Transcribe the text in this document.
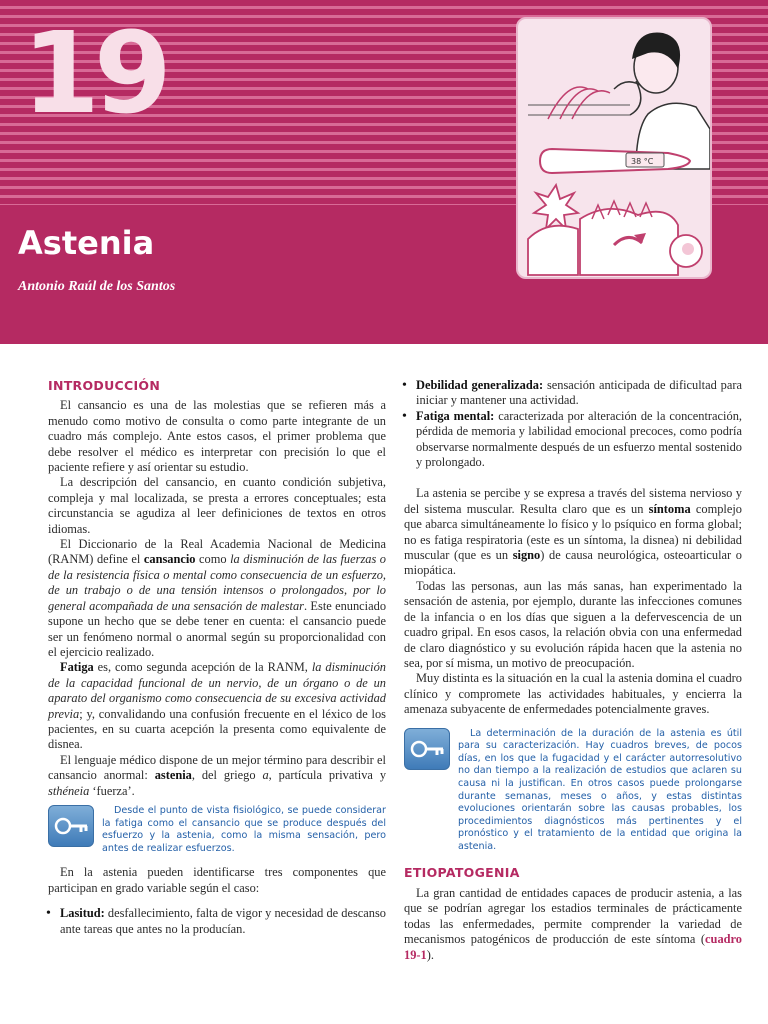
19
38 °C
Astenia
Antonio Raúl de los Santos
INTRODUCCIÓN

El cansancio es una de las molestias que se refieren más a menudo como motivo de consulta o como parte integrante de un cuadro más complejo. Ante estos casos, el primer problema que debe resolver el médico es interpretar con precisión lo que el paciente refiere y así orientar su estudio.

La descripción del cansancio, en cuanto condición subjetiva, compleja y mal localizada, se presta a errores conceptuales; esta circunstancia se agudiza al leer definiciones de textos en otros idiomas.

El Diccionario de la Real Academia Nacional de Medicina (RANM) define el cansancio como la disminución de las fuerzas o de la resistencia física o mental como consecuencia de un esfuerzo, de un trabajo o de una tensión intensos o prolongados, por lo general acompañada de una sensación de malestar. Este enunciado supone un hecho que se debe tener en cuenta: el cansancio puede ser un fenómeno normal o anormal según su proporcionalidad con el ejercicio realizado.

Fatiga es, como segunda acepción de la RANM, la disminución de la capacidad funcional de un nervio, de un órgano o de un aparato del organismo como consecuencia de su excesiva actividad previa; y, convalidando una confusión frecuente en el léxico de los pacientes, en su cuarta acepción la presenta como equivalente de disnea.

El lenguaje médico dispone de un mejor término para describir el cansancio anormal: astenia, del griego a, partícula privativa y sthéneia ‘fuerza’.

Desde el punto de vista fisiológico, se puede considerar la fatiga como el cansancio que se produce después del esfuerzo y la astenia, como la misma sensación, pero antes de realizar esfuerzos.

En la astenia pueden identificarse tres componentes que participan en grado variable según el caso:

• Lasitud: desfallecimiento, falta de vigor y necesidad de descanso ante tareas que antes no la producían.
• Debilidad generalizada: sensación anticipada de dificultad para iniciar y mantener una actividad.
• Fatiga mental: caracterizada por alteración de la concentración, pérdida de memoria y labilidad emocional precoces, como podría observarse normalmente después de un esfuerzo mental sostenido y prolongado.

La astenia se percibe y se expresa a través del sistema nervioso y del sistema muscular. Resulta claro que es un síntoma complejo que abarca simultáneamente lo físico y lo psíquico en forma global; no es fatiga respiratoria (este es un síntoma, la disnea) ni debilidad muscular (que es un signo) de causa neurológica, osteoarticular o miopática.

Todas las personas, aun las más sanas, han experimentado la sensación de astenia, por ejemplo, durante las infecciones comunes de la infancia o en los días que siguen a la defervescencia de un cuadro gripal. En esos casos, la relación obvia con una enfermedad de claro diagnóstico y su evolución rápida hacen que la astenia no sea, por sí misma, un motivo de preocupación.

Muy distinta es la situación en la cual la astenia domina el cuadro clínico y compromete las actividades habituales, y encierra la amenaza subyacente de enfermedades potencialmente graves.

La determinación de la duración de la astenia es útil para su caracterización. Hay cuadros breves, de pocos días, en los que la fugacidad y el carácter autorresolutivo no dan tiempo a la realización de estudios que aclaren su causa ni la justifican. En otros casos puede prolongarse durante semanas, meses o años, y estas distintas evoluciones orientarán sobre las causas probables, los procedimientos diagnósticos más pertinentes y el pronóstico y el tratamiento de la entidad que origina la astenia.

ETIOPATOGENIA

La gran cantidad de entidades capaces de producir astenia, a las que se podrían agregar los estadios terminales de prácticamente todas las enfermedades, permite comprender la variedad de mecanismos patogénicos de producción de este síntoma (cuadro 19-1).
